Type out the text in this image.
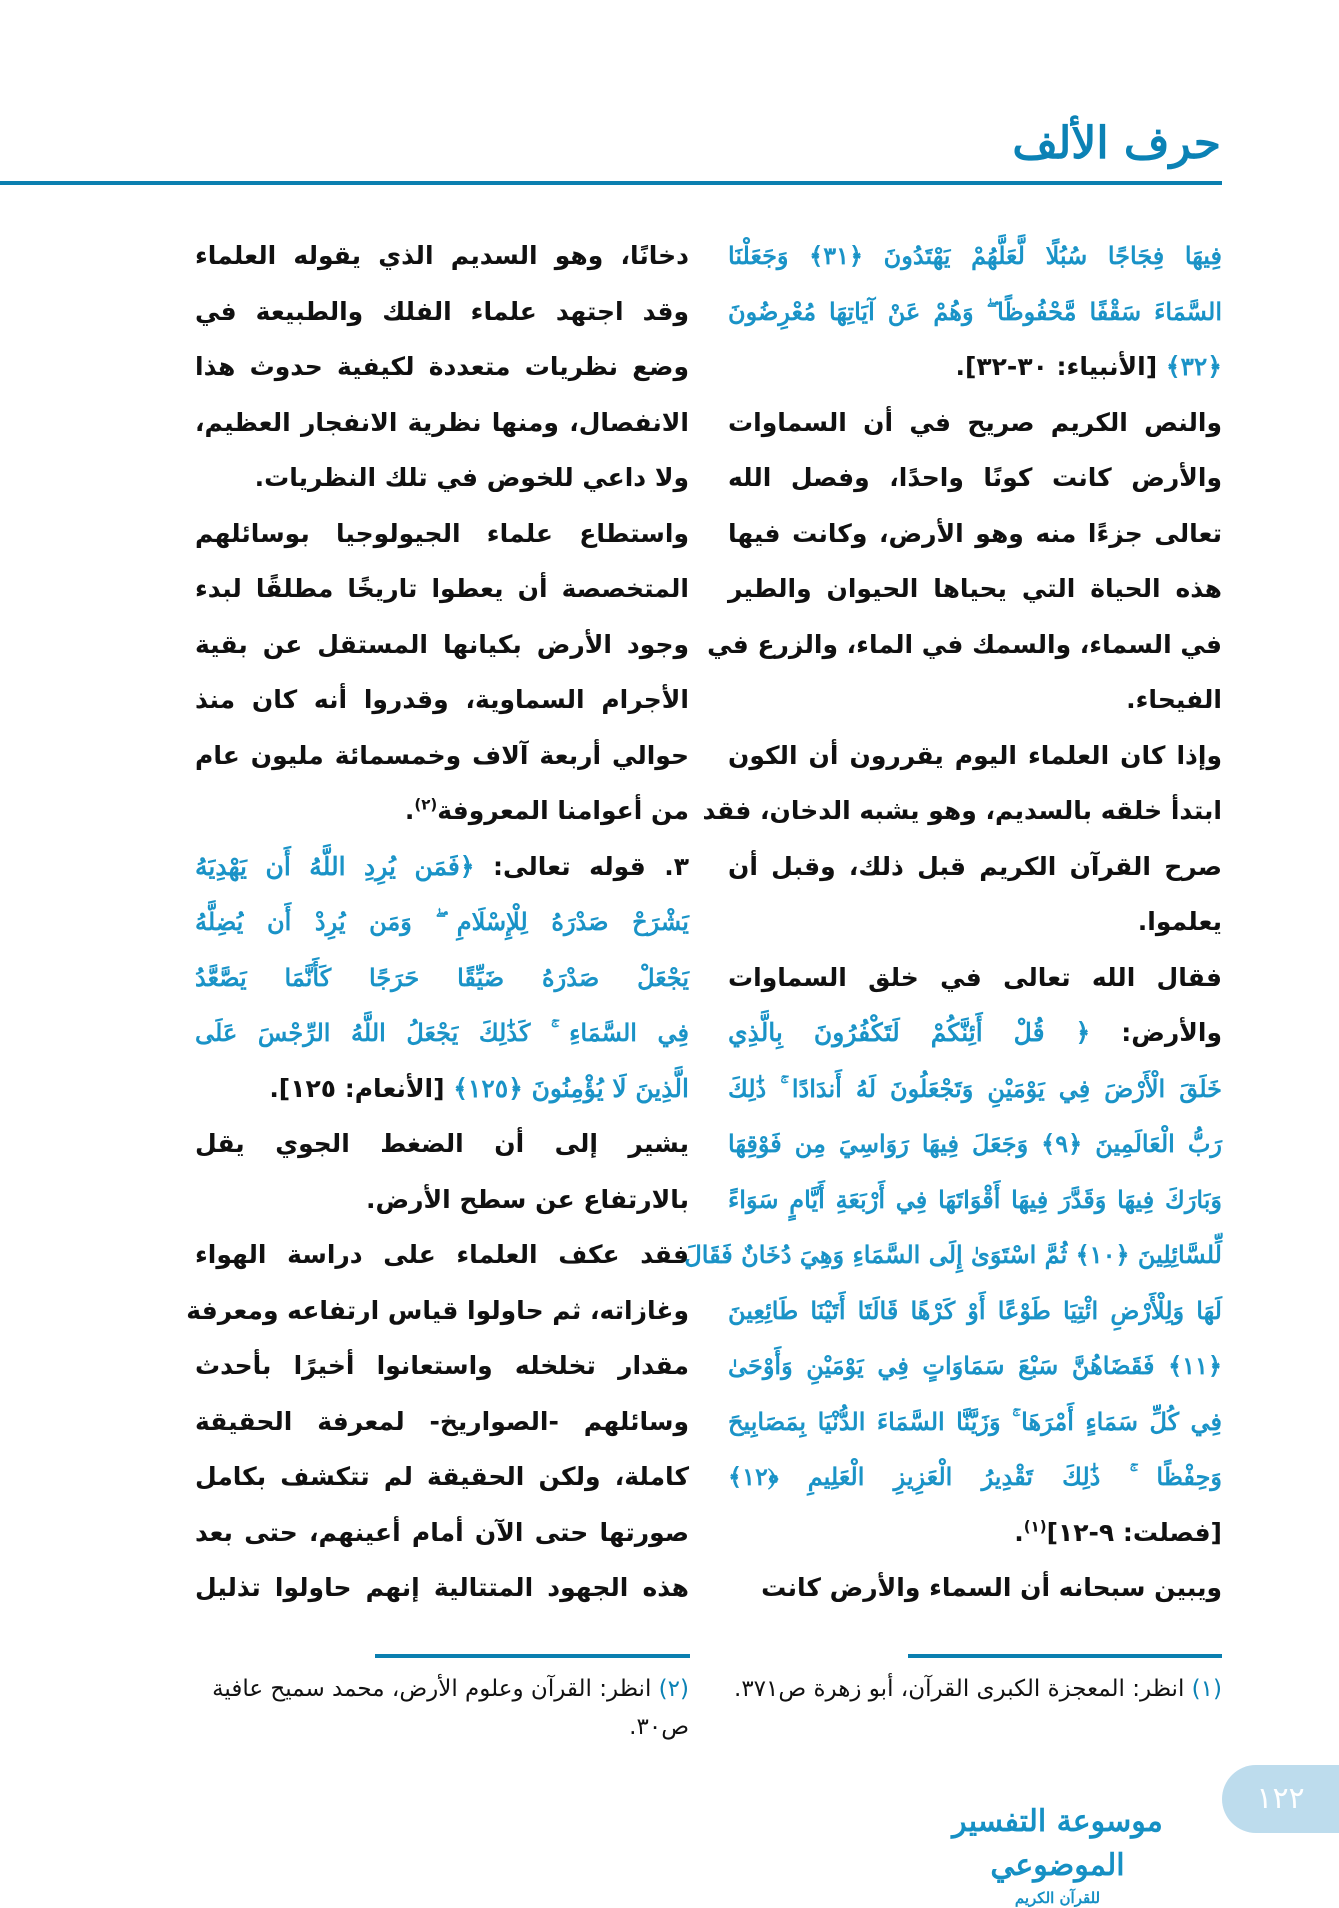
حرف الألف
فِيهَا فِجَاجًا سُبُلًا لَّعَلَّهُمْ يَهْتَدُونَ ﴿٣١﴾ وَجَعَلْنَا
السَّمَاءَ سَقْفًا مَّحْفُوظًا ۖ وَهُمْ عَنْ آيَاتِهَا مُعْرِضُونَ
﴿٣٢﴾ [الأنبياء: ٣٠-٣٢].
والنص الكريم صريح في أن السماوات
والأرض كانت كونًا واحدًا، وفصل الله
تعالى جزءًا منه وهو الأرض، وكانت فيها
هذه الحياة التي يحياها الحيوان والطير
في السماء، والسمك في الماء، والزرع في
الفيحاء.
وإذا كان العلماء اليوم يقررون أن الكون
ابتدأ خلقه بالسديم، وهو يشبه الدخان، فقد
صرح القرآن الكريم قبل ذلك، وقبل أن
يعلموا.
فقال الله تعالى في خلق السماوات
والأرض: ﴿ قُلْ أَئِنَّكُمْ لَتَكْفُرُونَ بِالَّذِي
خَلَقَ الْأَرْضَ فِي يَوْمَيْنِ وَتَجْعَلُونَ لَهُ أَندَادًا ۚ ذَٰلِكَ
رَبُّ الْعَالَمِينَ ﴿٩﴾ وَجَعَلَ فِيهَا رَوَاسِيَ مِن فَوْقِهَا
وَبَارَكَ فِيهَا وَقَدَّرَ فِيهَا أَقْوَاتَهَا فِي أَرْبَعَةِ أَيَّامٍ سَوَاءً
لِّلسَّائِلِينَ ﴿١٠﴾ ثُمَّ اسْتَوَىٰ إِلَى السَّمَاءِ وَهِيَ دُخَانٌ فَقَالَ
لَهَا وَلِلْأَرْضِ ائْتِيَا طَوْعًا أَوْ كَرْهًا قَالَتَا أَتَيْنَا طَائِعِينَ
﴿١١﴾ فَقَضَاهُنَّ سَبْعَ سَمَاوَاتٍ فِي يَوْمَيْنِ وَأَوْحَىٰ
فِي كُلِّ سَمَاءٍ أَمْرَهَا ۚ وَزَيَّنَّا السَّمَاءَ الدُّنْيَا بِمَصَابِيحَ
وَحِفْظًا ۚ ذَٰلِكَ تَقْدِيرُ الْعَزِيزِ الْعَلِيمِ ﴿١٢﴾
[فصلت: ٩-١٢]$^{(١)}$.
ويبين سبحانه أن السماء والأرض كانت
دخانًا، وهو السديم الذي يقوله العلماء
وقد اجتهد علماء الفلك والطبيعة في
وضع نظريات متعددة لكيفية حدوث هذا
الانفصال، ومنها نظرية الانفجار العظيم،
ولا داعي للخوض في تلك النظريات.
واستطاع علماء الجيولوجيا بوسائلهم
المتخصصة أن يعطوا تاريخًا مطلقًا لبدء
وجود الأرض بكيانها المستقل عن بقية
الأجرام السماوية، وقدروا أنه كان منذ
حوالي أربعة آلاف وخمسمائة مليون عام
من أعوامنا المعروفة$^{(٢)}$.
٣. قوله تعالى: ﴿فَمَن يُرِدِ اللَّهُ أَن يَهْدِيَهُ
يَشْرَحْ صَدْرَهُ لِلْإِسْلَامِ ۖ وَمَن يُرِدْ أَن يُضِلَّهُ
يَجْعَلْ صَدْرَهُ ضَيِّقًا حَرَجًا كَأَنَّمَا يَصَّعَّدُ
فِي السَّمَاءِ ۚ كَذَٰلِكَ يَجْعَلُ اللَّهُ الرِّجْسَ عَلَى
الَّذِينَ لَا يُؤْمِنُونَ ﴿١٢٥﴾ [الأنعام: ١٢٥].
يشير إلى أن الضغط الجوي يقل
بالارتفاع عن سطح الأرض.
فقد عكف العلماء على دراسة الهواء
وغازاته، ثم حاولوا قياس ارتفاعه ومعرفة
مقدار تخلخله واستعانوا أخيرًا بأحدث
وسائلهم -الصواريخ- لمعرفة الحقيقة
كاملة، ولكن الحقيقة لم تتكشف بكامل
صورتها حتى الآن أمام أعينهم، حتى بعد
هذه الجهود المتتالية إنهم حاولوا تذليل
(١) انظر: المعجزة الكبرى القرآن، أبو زهرة ص٣٧١.
(٢) انظر: القرآن وعلوم الأرض، محمد سميح عافية ص٣٠.
موسوعة التفسير الموضوعي
للقرآن الكريم
١٢٢
